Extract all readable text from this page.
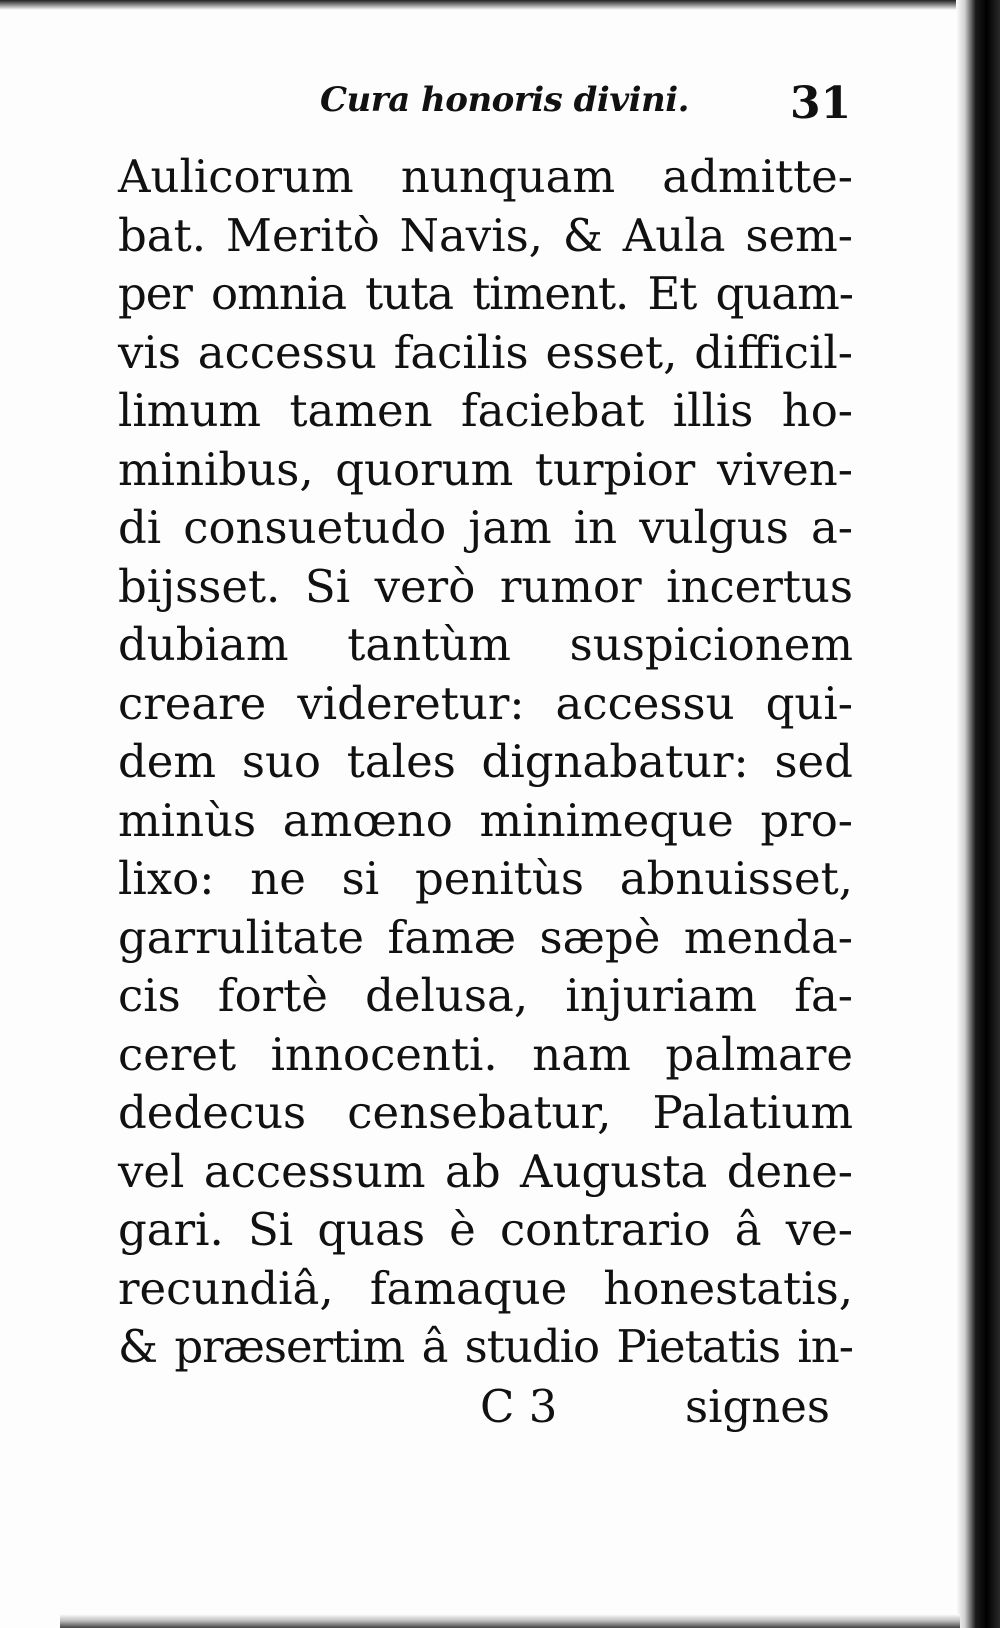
Cura honoris divini. 31
Aulicorum nunquam admitte-
bat. Meritò Navis, & Aula sem-
per omnia tuta timent. Et quam-
vis accessu facilis esset, difficil-
limum tamen faciebat illis ho-
minibus, quorum turpior viven-
di consuetudo jam in vulgus a-
bijsset. Si verò rumor incertus
dubiam tantùm suspicionem
creare videretur: accessu qui-
dem suo tales dignabatur: sed
minùs amœno minimeque pro-
lixo: ne si penitùs abnuisset,
garrulitate famæ sæpè menda-
cis fortè delusa, injuriam fa-
ceret innocenti. nam palmare
dedecus censebatur, Palatium
vel accessum ab Augusta dene-
gari. Si quas è contrario â ve-
recundiâ, famaque honestatis,
& præsertim â studio Pietatis in-
C 3	signes
